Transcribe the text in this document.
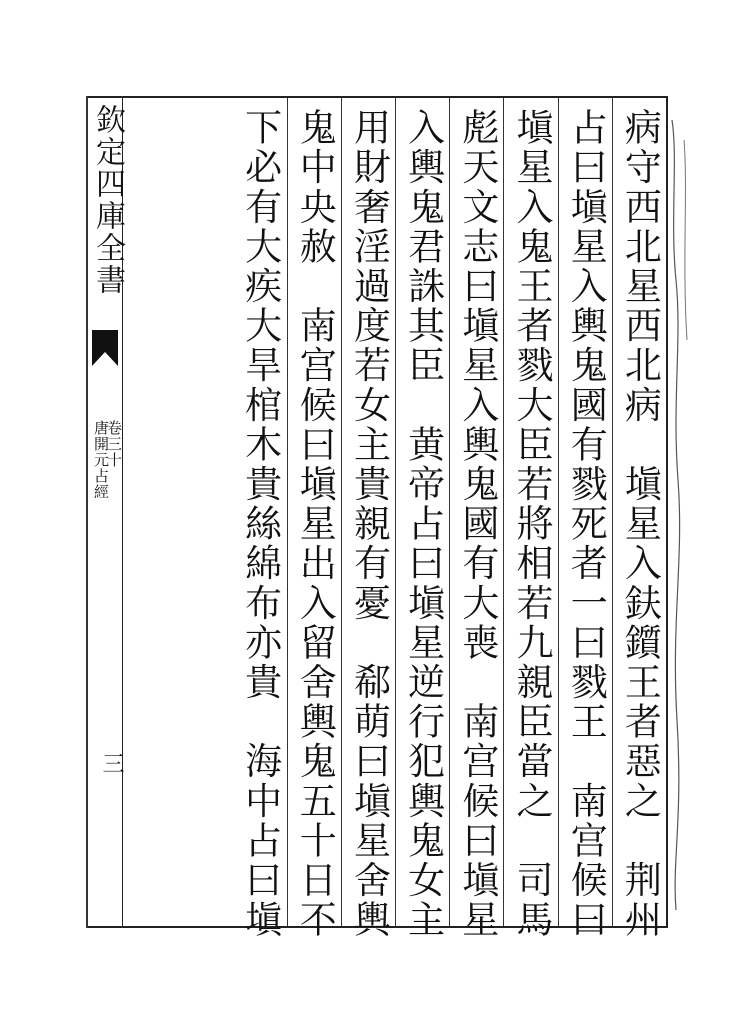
欽定四庫全書
唐開元占經
卷三十
三	病守西北星西北病　塡星入鈇鑕王者惡之　荆州
占曰塡星入輿鬼國有戮死者一曰戮王　南宫候曰
塡星入鬼王者戮大臣若將相若九親臣當之　司馬
彪天文志曰塡星入輿鬼國有大喪　南宫候曰塡星
入輿鬼君誅其臣　黄帝占曰塡星逆行犯輿鬼女主
用財奢淫過度若女主貴親有憂　郗萌曰塡星舍輿
鬼中央赦　南宫候曰塡星出入留舍輿鬼五十日不
下必有大疾大旱棺木貴絲綿布亦貴　海中占曰塡
